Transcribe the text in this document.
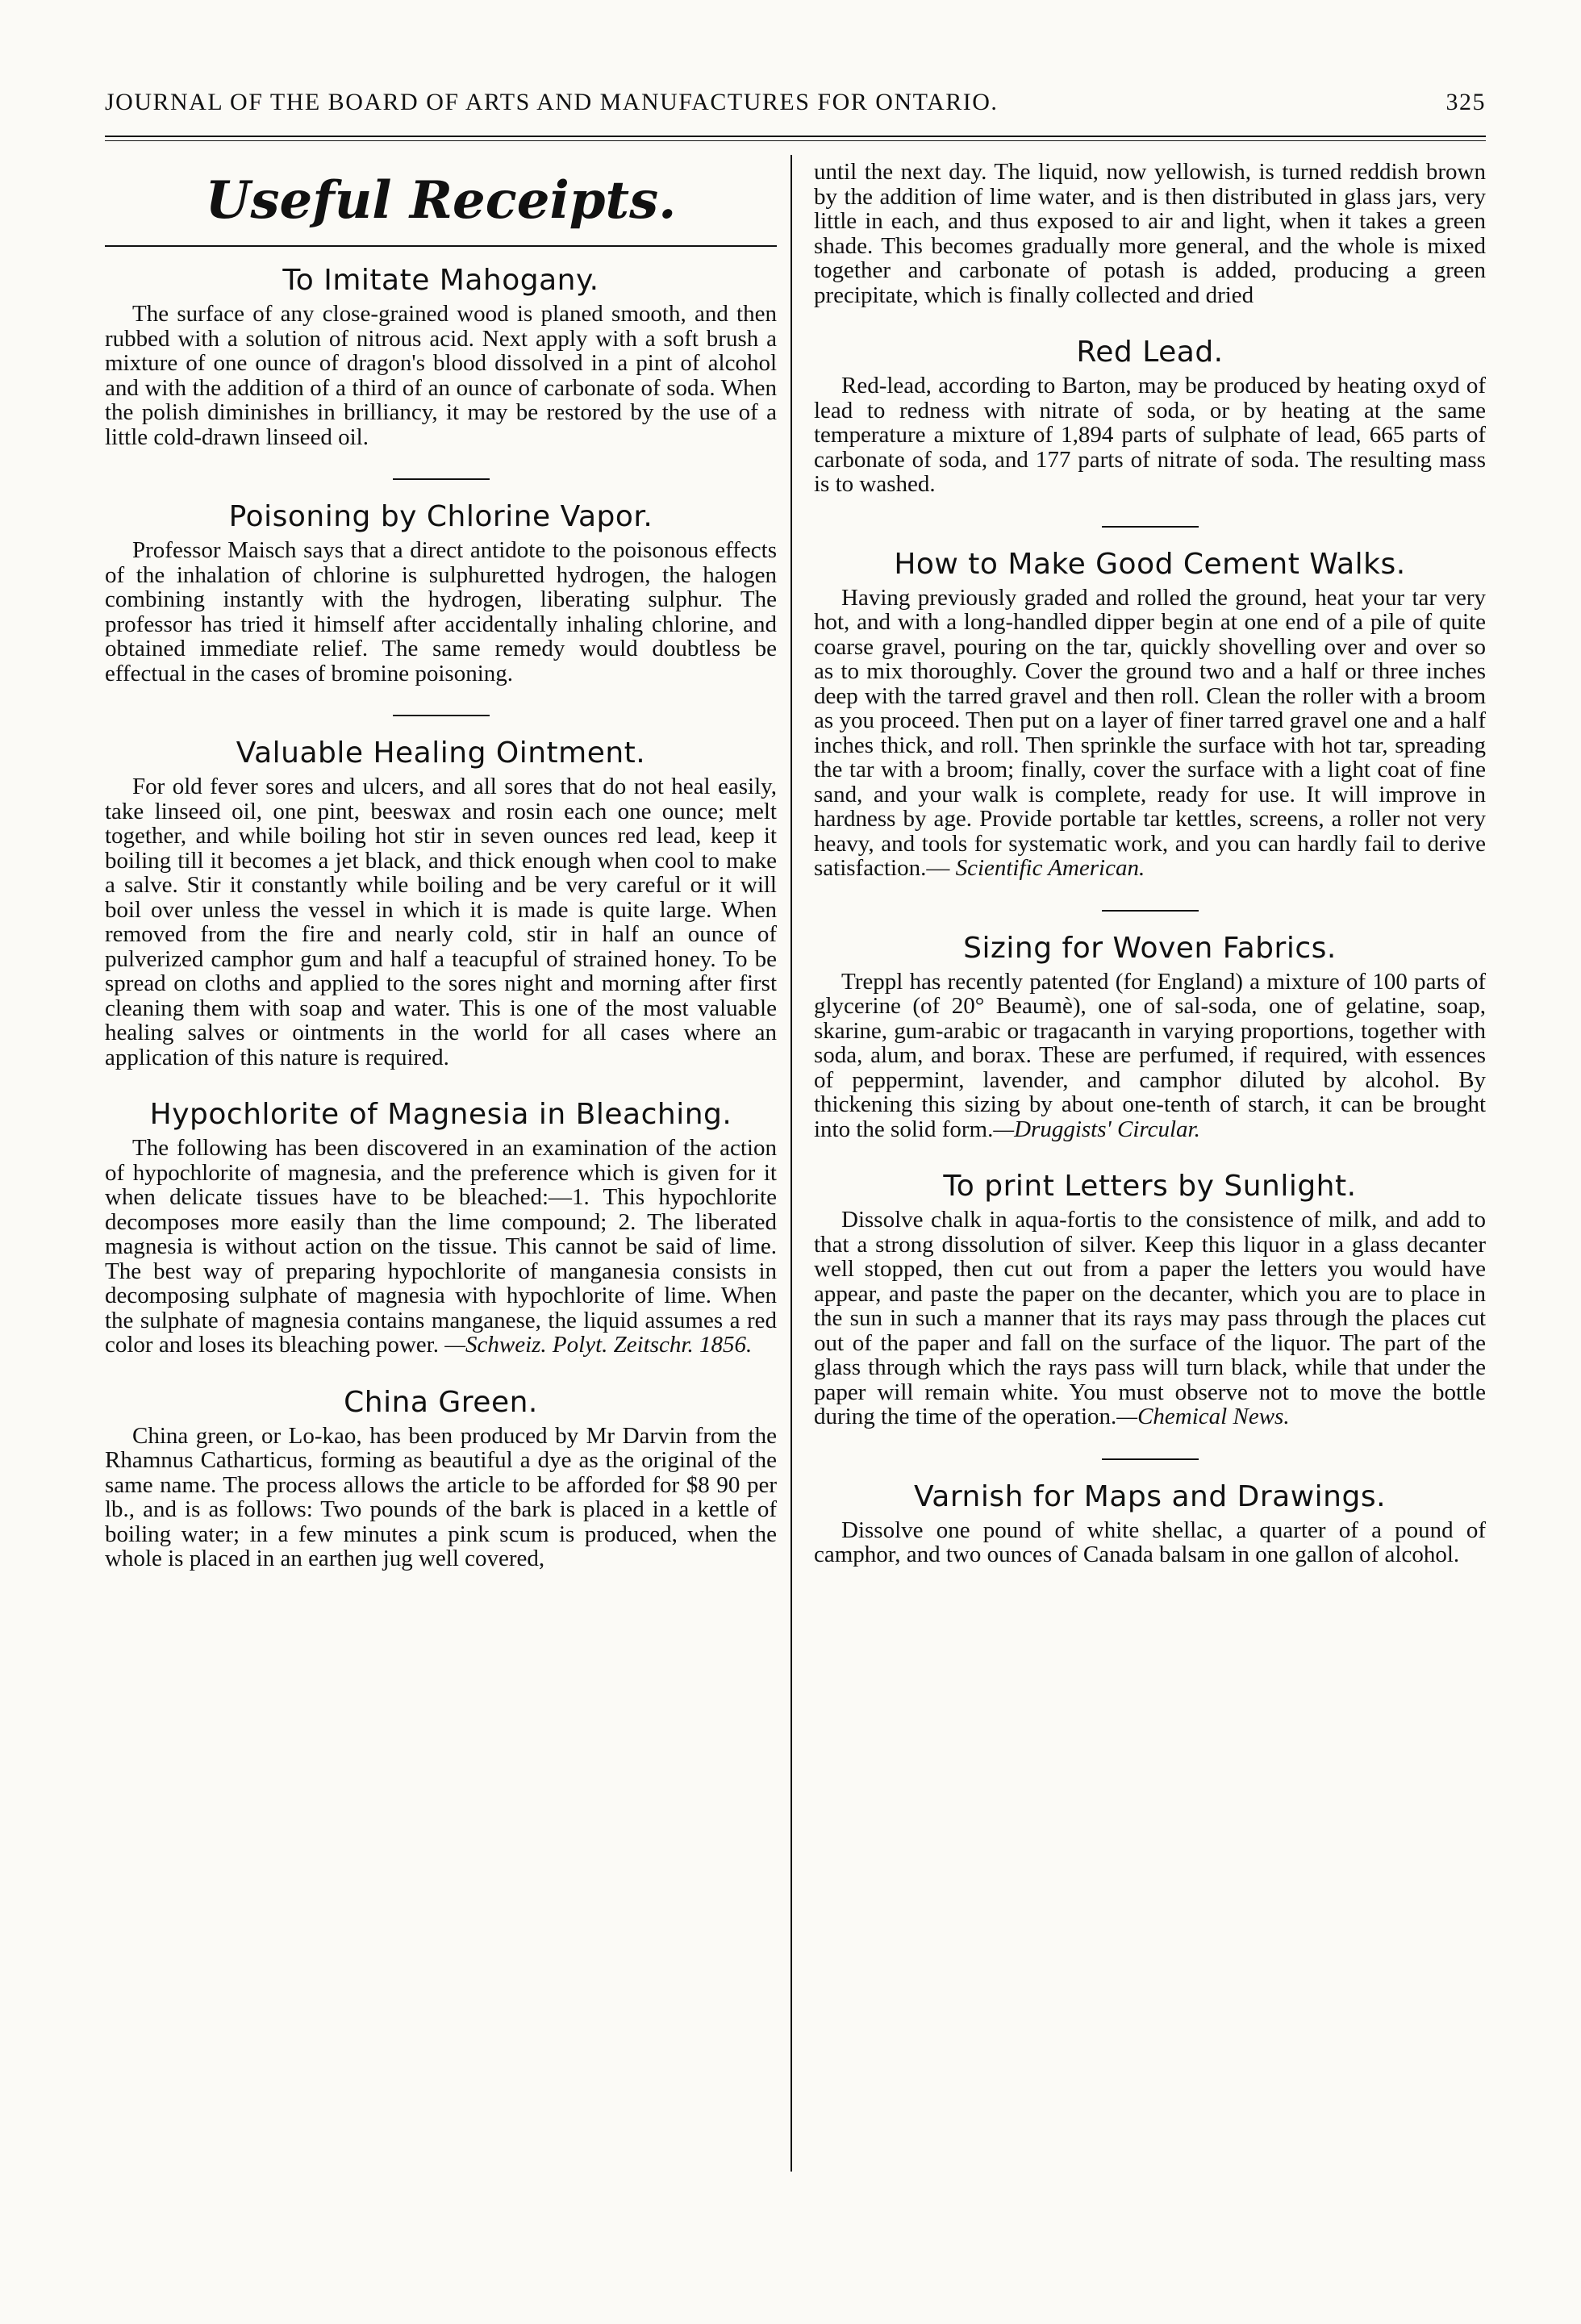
JOURNAL OF THE BOARD OF ARTS AND MANUFACTURES FOR ONTARIO.	325
Useful Receipts.
To Imitate Mahogany.

The surface of any close-grained wood is planed smooth, and then rubbed with a solution of nitrous acid. Next apply with a soft brush a mixture of one ounce of dragon's blood dissolved in a pint of alcohol and with the addition of a third of an ounce of carbonate of soda. When the polish diminishes in brilliancy, it may be restored by the use of a little cold-drawn linseed oil.

Poisoning by Chlorine Vapor.

Professor Maisch says that a direct antidote to the poisonous effects of the inhalation of chlorine is sulphuretted hydrogen, the halogen combining instantly with the hydrogen, liberating sulphur. The professor has tried it himself after accidentally inhaling chlorine, and obtained immediate relief. The same remedy would doubtless be effectual in the cases of bromine poisoning.

Valuable Healing Ointment.

For old fever sores and ulcers, and all sores that do not heal easily, take linseed oil, one pint, beeswax and rosin each one ounce; melt together, and while boiling hot stir in seven ounces red lead, keep it boiling till it becomes a jet black, and thick enough when cool to make a salve. Stir it constantly while boiling and be very careful or it will boil over unless the vessel in which it is made is quite large. When removed from the fire and nearly cold, stir in half an ounce of pulverized camphor gum and half a teacupful of strained honey. To be spread on cloths and applied to the sores night and morning after first cleaning them with soap and water. This is one of the most valuable healing salves or ointments in the world for all cases where an application of this nature is required.

Hypochlorite of Magnesia in Bleaching.

The following has been discovered in an examination of the action of hypochlorite of magnesia, and the preference which is given for it when delicate tissues have to be bleached:—1. This hypochlorite decomposes more easily than the lime compound; 2. The liberated magnesia is without action on the tissue. This cannot be said of lime. The best way of preparing hypochlorite of manganesia consists in decomposing sulphate of magnesia with hypochlorite of lime. When the sulphate of magnesia contains manganese, the liquid assumes a red color and loses its bleaching power. —Schweiz. Polyt. Zeitschr. 1856.

China Green.

China green, or Lo-kao, has been produced by Mr Darvin from the Rhamnus Catharticus, forming as beautiful a dye as the original of the same name. The process allows the article to be afforded for $8 90 per lb., and is as follows: Two pounds of the bark is placed in a kettle of boiling water; in a few minutes a pink scum is produced, when the whole is placed in an earthen jug well covered,

until the next day. The liquid, now yellowish, is turned reddish brown by the addition of lime water, and is then distributed in glass jars, very little in each, and thus exposed to air and light, when it takes a green shade. This becomes gradually more general, and the whole is mixed together and carbonate of potash is added, producing a green precipitate, which is finally collected and dried

Red Lead.

Red-lead, according to Barton, may be produced by heating oxyd of lead to redness with nitrate of soda, or by heating at the same temperature a mixture of 1,894 parts of sulphate of lead, 665 parts of carbonate of soda, and 177 parts of nitrate of soda. The resulting mass is to washed.

How to Make Good Cement Walks.

Having previously graded and rolled the ground, heat your tar very hot, and with a long-handled dipper begin at one end of a pile of quite coarse gravel, pouring on the tar, quickly shovelling over and over so as to mix thoroughly. Cover the ground two and a half or three inches deep with the tarred gravel and then roll. Clean the roller with a broom as you proceed. Then put on a layer of finer tarred gravel one and a half inches thick, and roll. Then sprinkle the surface with hot tar, spreading the tar with a broom; finally, cover the surface with a light coat of fine sand, and your walk is complete, ready for use. It will improve in hardness by age. Provide portable tar kettles, screens, a roller not very heavy, and tools for systematic work, and you can hardly fail to derive satisfaction.— Scientific American.

Sizing for Woven Fabrics.

Treppl has recently patented (for England) a mixture of 100 parts of glycerine (of 20° Beaumè), one of sal-soda, one of gelatine, soap, skarine, gum-arabic or tragacanth in varying proportions, together with soda, alum, and borax. These are perfumed, if required, with essences of peppermint, lavender, and camphor diluted by alcohol. By thickening this sizing by about one-tenth of starch, it can be brought into the solid form.—Druggists' Circular.

To print Letters by Sunlight.

Dissolve chalk in aqua-fortis to the consistence of milk, and add to that a strong dissolution of silver. Keep this liquor in a glass decanter well stopped, then cut out from a paper the letters you would have appear, and paste the paper on the decanter, which you are to place in the sun in such a manner that its rays may pass through the places cut out of the paper and fall on the surface of the liquor. The part of the glass through which the rays pass will turn black, while that under the paper will remain white. You must observe not to move the bottle during the time of the operation.—Chemical News.

Varnish for Maps and Drawings.

Dissolve one pound of white shellac, a quarter of a pound of camphor, and two ounces of Canada balsam in one gallon of alcohol.
